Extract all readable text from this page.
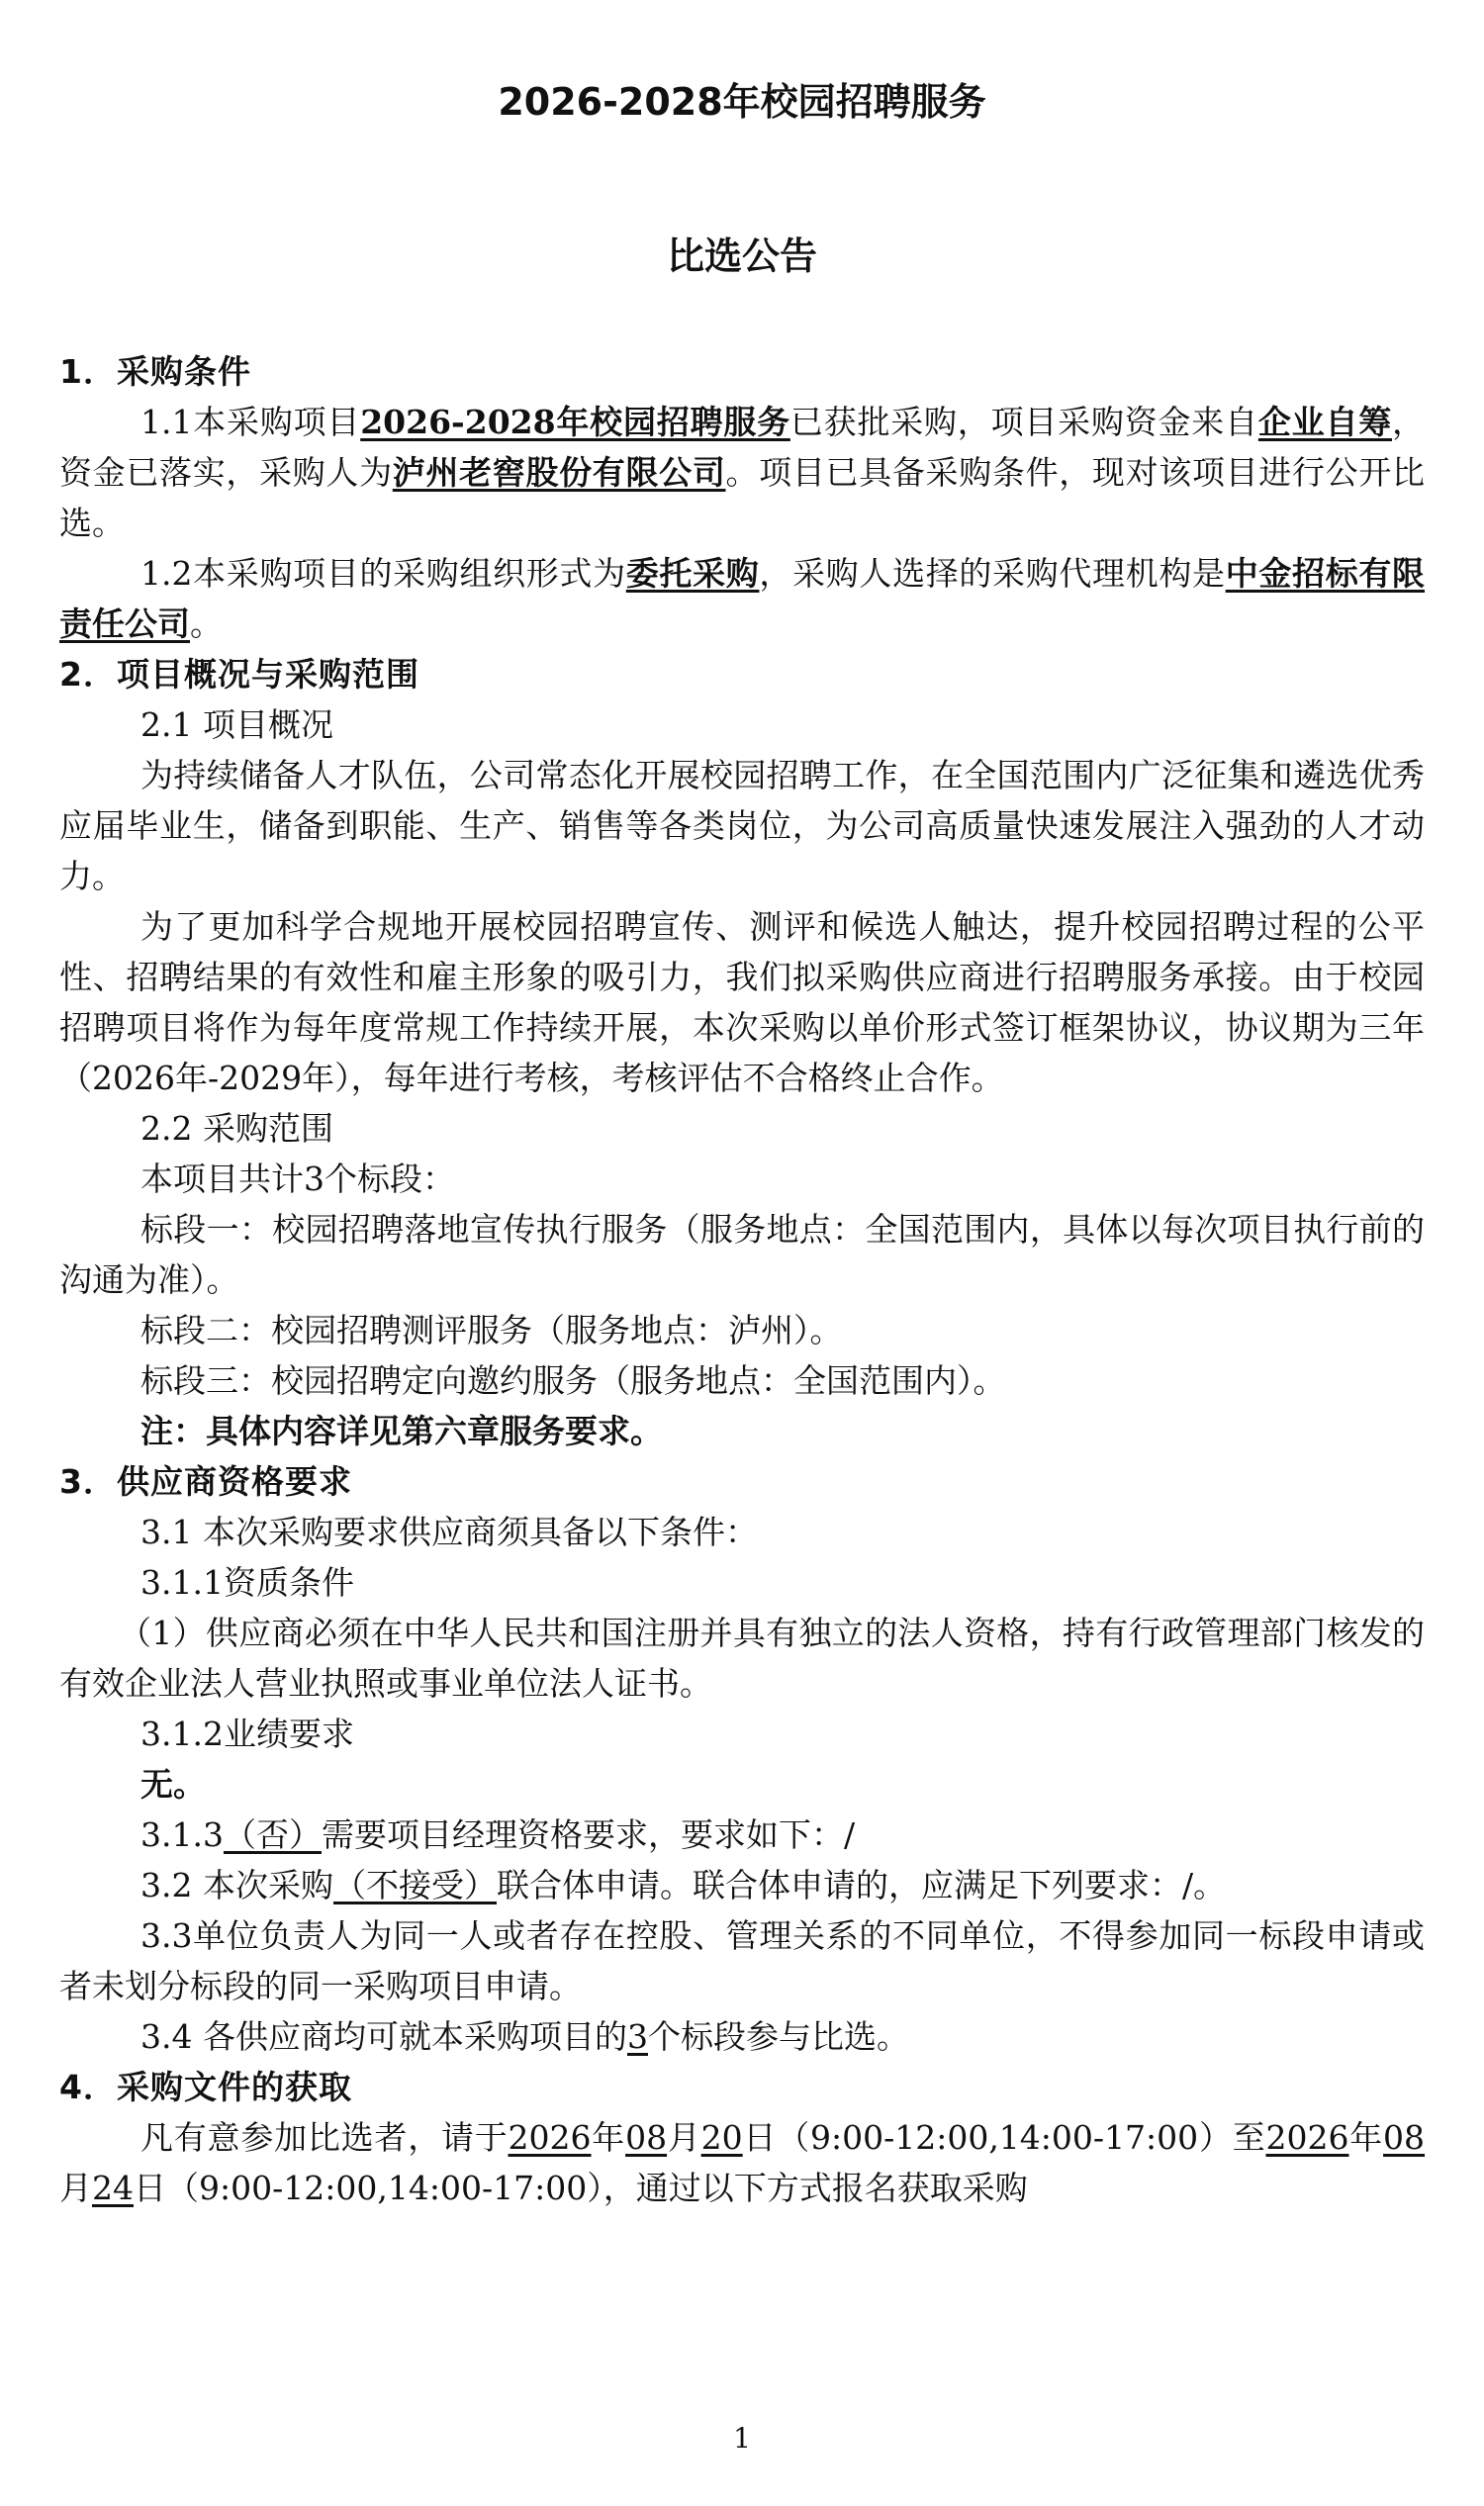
2026-2028年校园招聘服务
比选公告

1．采购条件

1.1本采购项目2026-2028年校园招聘服务已获批采购，项目采购资金来自企业自筹，资金已落实，采购人为泸州老窖股份有限公司。项目已具备采购条件，现对该项目进行公开比选。

1.2本采购项目的采购组织形式为委托采购，采购人选择的采购代理机构是中金招标有限责任公司。

2．项目概况与采购范围

2.1 项目概况

为持续储备人才队伍，公司常态化开展校园招聘工作，在全国范围内广泛征集和遴选优秀应届毕业生，储备到职能、生产、销售等各类岗位，为公司高质量快速发展注入强劲的人才动力。

为了更加科学合规地开展校园招聘宣传、测评和候选人触达，提升校园招聘过程的公平性、招聘结果的有效性和雇主形象的吸引力，我们拟采购供应商进行招聘服务承接。由于校园招聘项目将作为每年度常规工作持续开展，本次采购以单价形式签订框架协议，协议期为三年（2026年-2029年），每年进行考核，考核评估不合格终止合作。

2.2 采购范围

本项目共计3个标段：

标段一：校园招聘落地宣传执行服务（服务地点：全国范围内，具体以每次项目执行前的沟通为准）。

标段二：校园招聘测评服务（服务地点：泸州）。

标段三：校园招聘定向邀约服务（服务地点：全国范围内）。

注：具体内容详见第六章服务要求。

3．供应商资格要求

3.1 本次采购要求供应商须具备以下条件：

3.1.1资质条件

（1）供应商必须在中华人民共和国注册并具有独立的法人资格，持有行政管理部门核发的有效企业法人营业执照或事业单位法人证书。

3.1.2业绩要求

无。

3.1.3（否）需要项目经理资格要求，要求如下：/

3.2 本次采购（不接受）联合体申请。联合体申请的，应满足下列要求：/。

3.3单位负责人为同一人或者存在控股、管理关系的不同单位，不得参加同一标段申请或者未划分标段的同一采购项目申请。

3.4 各供应商均可就本采购项目的3个标段参与比选。

4．采购文件的获取

凡有意参加比选者，请于2026年08月20日（9:00-12:00,14:00-17:00）至2026年08月24日（9:00-12:00,14:00-17:00），通过以下方式报名获取采购

1
